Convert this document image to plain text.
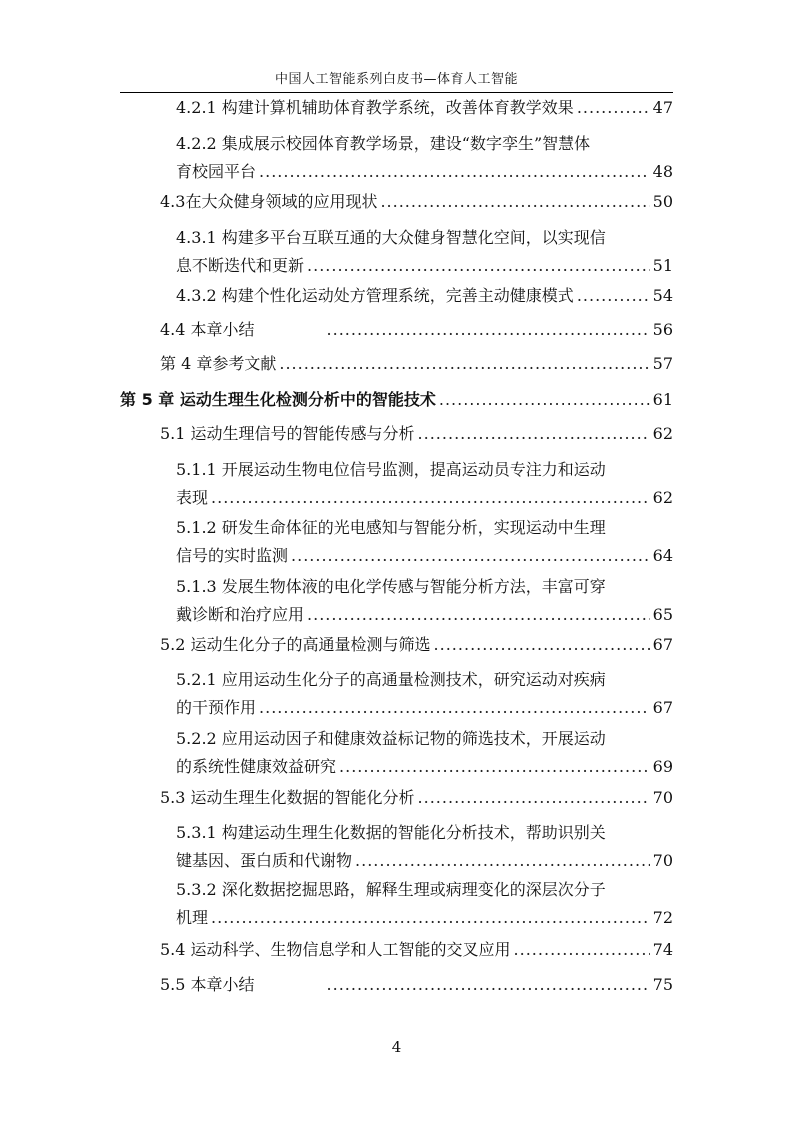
中国人工智能系列白皮书—体育人工智能
4.2.1 构建计算机辅助体育教学系统，改善体育教学效果 .....	47
4.2.2 集成展示校园体育教学场景，建设“数字孪生”智慧体
育校园平台 .....	48
4.3在大众健身领域的应用现状 .....	50
4.3.1 构建多平台互联互通的大众健身智慧化空间，以实现信
息不断迭代和更新 .....	51
4.3.2 构建个性化运动处方管理系统，完善主动健康模式 .....	54
4.4 本章小结 .....	56
第 4 章参考文献 .....	57
第 5 章 运动生理生化检测分析中的智能技术 .....	61
5.1 运动生理信号的智能传感与分析 .....	62
5.1.1 开展运动生物电位信号监测，提高运动员专注力和运动
表现 .....	62
5.1.2 研发生命体征的光电感知与智能分析，实现运动中生理
信号的实时监测 .....	64
5.1.3 发展生物体液的电化学传感与智能分析方法，丰富可穿
戴诊断和治疗应用 .....	65
5.2 运动生化分子的高通量检测与筛选 .....	67
5.2.1 应用运动生化分子的高通量检测技术，研究运动对疾病
的干预作用 .....	67
5.2.2 应用运动因子和健康效益标记物的筛选技术，开展运动
的系统性健康效益研究 .....	69
5.3 运动生理生化数据的智能化分析 .....	70
5.3.1 构建运动生理生化数据的智能化分析技术，帮助识别关
键基因、蛋白质和代谢物 .....	70
5.3.2 深化数据挖掘思路，解释生理或病理变化的深层次分子
机理 .....	72
5.4 运动科学、生物信息学和人工智能的交叉应用 .....	74
5.5 本章小结 .....	75
4
